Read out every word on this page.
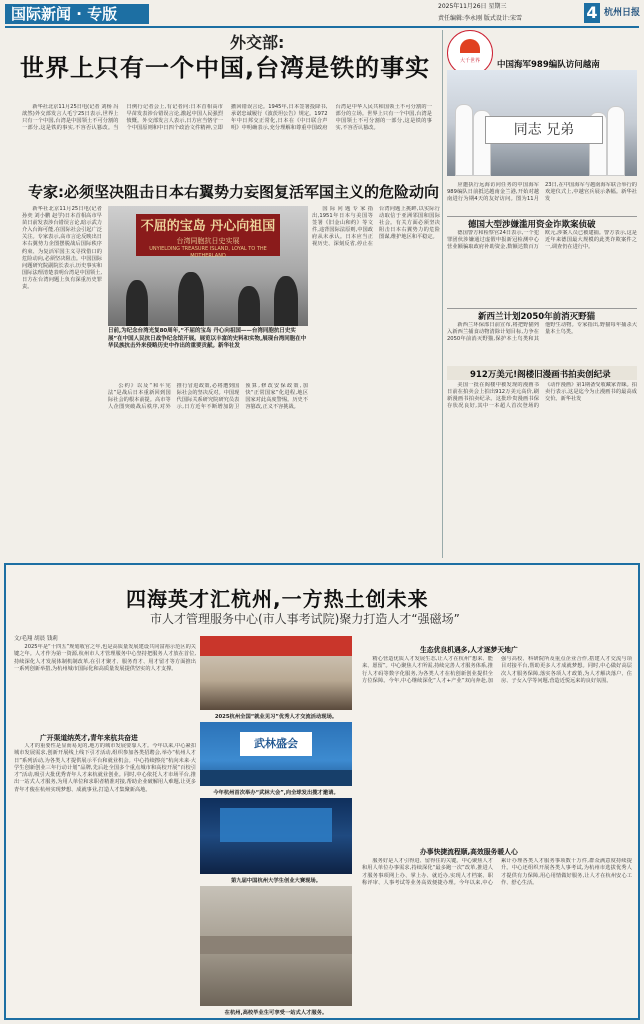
国际新闻 · 专版	2025年11月26日 星期三
责任编辑:李永刚 版式设计:宋雪	4 杭州日报
外交部:
世界上只有一个中国,台湾是铁的事实

新华社北京11月25日电(记者 刘杨 冯歆然)外交部发言人毛宁25日表示,世界上只有一个中国,台湾是中国领土不可分割的一部分,这是铁的事实,不容否认篡改。当日例行记者会上,有记者问:日本首相高市早苗发表涉台错误言论,激起中国人民强烈愤慨。外交部发言人表示,日方应当恪守一个中国原则和中日四个政治文件精神,立即撤回错误言论。1945年,日本签署投降书,承诺忠诚履行《波茨坦公告》规定。1972年中日邦交正常化,日本在《中日联合声明》中明确表示,充分理解和尊重中国政府台湾是中华人民共和国领土不可分割的一部分的立场。世界上只有一个中国,台湾是中国领土不可分割的一部分,这是铁的事实,不容否认篡改。

专家:必须坚决阻击日本右翼势力妄图复活军国主义的危险动向

新华社北京11月25日电(记者 孙奕 刘小鹏 赵学)日本首相高市早苗日前发表涉台错误言论,暗示武力介入台海可能,在国际社会引起广泛关注。专家表示,高市言论反映出日本右翼势力企图摆脱战后国际秩序约束、为复活军国主义寻找借口的危险动向,必须坚决阻击。中国国际问题研究院副院长表示,历史事实和国际法理清楚表明台湾是中国领土,日方在台湾问题上负有深重历史罪责。

不屈的宝岛 丹心向祖国
台湾同胞抗日史实展
UNYIELDING TREASURE ISLAND, LOYAL TO THE MOTHERLAND
日前,为纪念台湾光复80周年,“不屈的宝岛 丹心向祖国——台湾同胞抗日史实展”在中国人民抗日战争纪念馆开展。展览以丰富的史料和实物,展现台湾同胞在中华民族抗击外来侵略历史中作出的重要贡献。新华社发

公约》以及“和平宪法”是战后日本重新回到国际社会的根本前提。高市等人企图突破战后秩序,对外推行冒进政策,必将遭到国际社会的坚决反对。中国现代国际关系研究院研究员表示,日方近年不断增加防卫预算,修改安保政策,加快“正常国家”化进程,地区国家对此高度警惕。历史不容篡改,正义不容挑战。

国际问题专家指出,1951年日本与美国等签署《旧金山和约》等文件,违背国际法原则,中国政府从未承认。日本应当正视历史、深刻反省,停止在台湾问题上挑衅,以实际行动取信于亚洲邻国和国际社会。有关方面必须坚决阻击日本右翼势力的危险图谋,维护地区和平稳定。

大千世界	中国海军989编队访问越南
同志 兄弟

应邀执行远海访问任务的中国海军989编队日前抵达越南金兰港,开始对越南进行为期4天的友好访问。图为11月23日,在中国海军与越南海军联合举行的欢迎仪式上,中越官兵展示条幅。新华社发

德国大型涉嫌滥用资金诈欺案侦破

德国警方和检察官24日表示,一个犯罪团伙涉嫌通过虚假申报新冠检测中心营业额骗取政府补助资金,数额达数百万欧元,涉案人员已被逮捕。警方表示,这是近年来德国最大规模的此类诈欺案件之一,调查仍在进行中。

新西兰计划2050年前消灭野猫

新西兰环保部日前宣布,将把野猫列入新西兰捕食动物清除计划目标,力争在2050年前消灭野猫,保护本土鸟类和其他野生动物。专家指出,野猫每年捕杀大量本土鸟类。

912万美元!阁楼旧漫画书拍卖创纪录

美国一批在阁楼中被发现的漫画书日前在拍卖会上拍出912万美元高价,刷新漫画书拍卖纪录。这批珍贵漫画书保存状况良好,其中一本超人首次登场的《动作漫画》第1期备受收藏家青睐。拍卖行表示,这是迄今为止漫画书的最高成交价。新华社发

四海英才汇杭州,一方热土创未来
市人才管理服务中心(市人事考试院)聚力打造人才“强磁场”
文/毛翔 胡晨 钱莉

2025年是“十四五”规划收官之年,也是高质量发展建设共同富裕示范区的关键之年。人才作为第一资源,杭州市人才管理服务中心坚持把服务人才放在首位,持续深化人才发展体制机制改革,在引才聚才、服务育才、用才留才等方面推出一系列创新举措,为杭州城市国际化和高质量发展提供坚实的人才支撑。

广开渠道纳英才,青年来杭共奋进

人才的重要性是显而易见的,地方的城市发展要靠人才。今年以来,中心紧扣城市发展需求,创新开展线上线下引才活动,组织参加各类招聘会,举办“杭州人才日”系列活动,为各类人才提供展示平台和就业机会。中心持续擦亮“杭向未来·大学生创新创业三年行动计划”品牌,先后赴全国多个重点城市和高校开展“百校引才”活动,吸引大批优秀青年人才来杭就业创业。同时,中心依托人才市场平台,推出一站式人才服务,为用人单位和求职者精准对接,帮助企业破解用人难题,让更多青年才俊在杭州实现梦想、成就事业,打造人才集聚新高地。

2025杭州全国“就业见习”优秀人才交流活动现场。
武林盛会
今年杭州首次举办“武林大会”,向全球发出揽才邀请。
第九届中国杭州大学生创业大赛现场。
在杭州,高校毕业生可享受一站式人才服务。
生态优良机遇多,人才逐梦天地广

精心营造优质人才发展生态,让人才在杭州“想来、能来、愿留”。中心聚焦人才所需,持续完善人才服务体系,推行人才码等数字化服务,为各类人才在杭创新创业提供全方位保障。今年,中心继续深化“人才+产业”双向奔赴,加强与高校、科研院所及重点企业合作,搭建人才交流与项目对接平台,帮助更多人才成就梦想。同时,中心做好高层次人才服务保障,落实各项人才政策,为人才解决落户、住房、子女入学等问题,营造近悦远来的良好氛围。

办事快捷流程顺,高效服务暖人心

服务好是人才引得进、留得住的关键。中心聚焦人才和用人单位办事需求,持续深化“最多跑一次”改革,推进人才服务事项网上办、掌上办、就近办,实现人才档案、职称评审、人事考试等业务高效便捷办理。今年以来,中心累计办理各类人才服务事项数十万件,群众满意度持续提升。中心还组织开展各类人事考试,为杭州市选拔优秀人才提供有力保障,用心用情做好服务,让人才在杭州安心工作、舒心生活。
